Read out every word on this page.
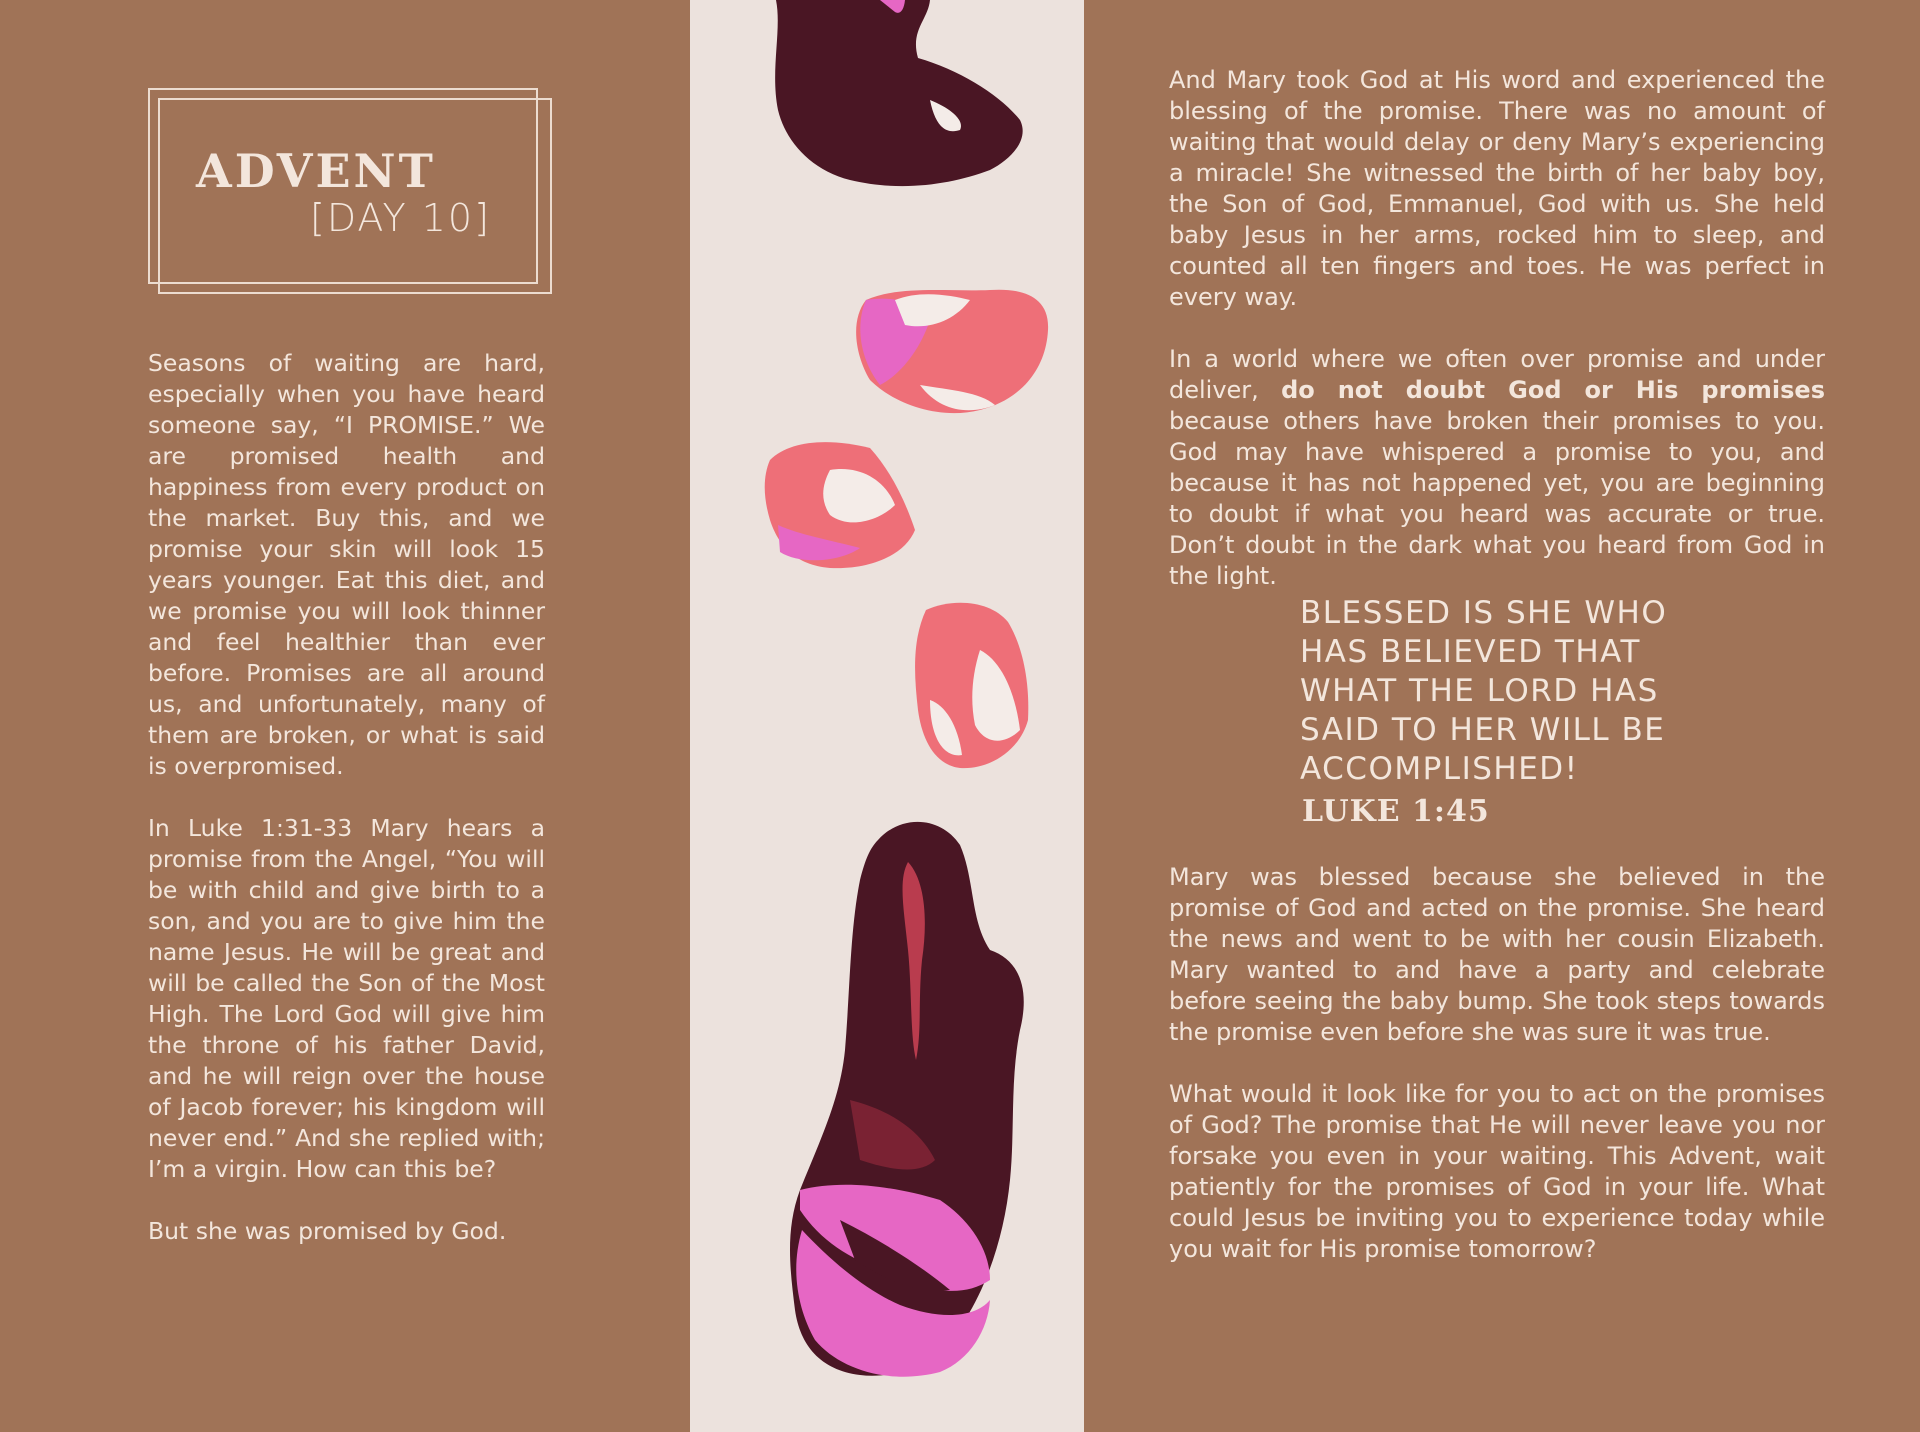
ADVENT
[DAY 10]

Seasons of waiting are hard, especially when you have heard someone say, “I PROMISE.” We are promised health and happiness from every product on the market. Buy this, and we promise your skin will look 15 years younger. Eat this diet, and we promise you will look thinner and feel healthier than ever before. Promises are all around us, and unfortunately, many of them are broken, or what is said is overpromised.

In Luke 1:31-33 Mary hears a promise from the Angel, “You will be with child and give birth to a son, and you are to give him the name Jesus. He will be great and will be called the Son of the Most High. The Lord God will give him the throne of his father David, and he will reign over the house of Jacob forever; his kingdom will never end.” And she replied with; I’m a virgin. How can this be?

But she was promised by God.

And Mary took God at His word and experienced the blessing of the promise. There was no amount of waiting that would delay or deny Mary’s experiencing a miracle! She witnessed the birth of her baby boy, the Son of God, Emmanuel, God with us. She held baby Jesus in her arms, rocked him to sleep, and counted all ten fingers and toes. He was perfect in every way.

In a world where we often over promise and under deliver, do not doubt God or His promises because others have broken their promises to you. God may have whispered a promise to you, and because it has not happened yet, you are beginning to doubt if what you heard was accurate or true. Don’t doubt in the dark what you heard from God in the light.

BLESSED IS SHE WHO HAS BELIEVED THAT WHAT THE LORD HAS SAID TO HER WILL BE ACCOMPLISHED!
LUKE 1:45

Mary was blessed because she believed in the promise of God and acted on the promise. She heard the news and went to be with her cousin Elizabeth. Mary wanted to and have a party and celebrate before seeing the baby bump. She took steps towards the promise even before she was sure it was true.

What would it look like for you to act on the promises of God? The promise that He will never leave you nor forsake you even in your waiting. This Advent, wait patiently for the promises of God in your life. What could Jesus be inviting you to experience today while you wait for His promise tomorrow?
